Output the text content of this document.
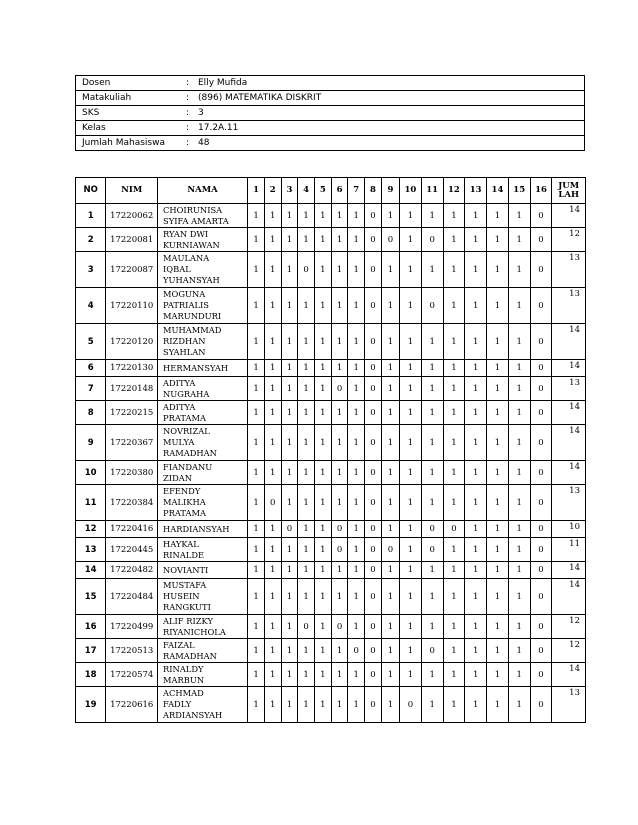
Dosen	: Elly Mufida
Matakuliah	: (896) MATEMATIKA DISKRIT
SKS	: 3
Kelas	: 17.2A.11
Jumlah Mahasiswa	: 48
NO	NIM	NAMA	1	2	3	4	5	6	7	8	9	10	11	12	13	14	15	16	JUM LAH
1	17220062	CHOIRUNISA
SYIFA AMARTA	1	1	1	1	1	1	1	0	1	1	1	1	1	1	1	0	14
2	17220081	RYAN DWI
KURNIAWAN	1	1	1	1	1	1	1	0	0	1	0	1	1	1	1	0	12
3	17220087	MAULANA
IQBAL
YUHANSYAH	1	1	1	0	1	1	1	0	1	1	1	1	1	1	1	0	13
4	17220110	MOGUNA
PATRIALIS
MARUNDURI	1	1	1	1	1	1	1	0	1	1	0	1	1	1	1	0	13
5	17220120	MUHAMMAD
RIZDHAN
SYAHLAN	1	1	1	1	1	1	1	0	1	1	1	1	1	1	1	0	14
6	17220130	HERMANSYAH	1	1	1	1	1	1	1	0	1	1	1	1	1	1	1	0	14
7	17220148	ADITYA
NUGRAHA	1	1	1	1	1	0	1	0	1	1	1	1	1	1	1	0	13
8	17220215	ADITYA
PRATAMA	1	1	1	1	1	1	1	0	1	1	1	1	1	1	1	0	14
9	17220367	NOVRIZAL
MULYA
RAMADHAN	1	1	1	1	1	1	1	0	1	1	1	1	1	1	1	0	14
10	17220380	FIANDANU
ZIDAN	1	1	1	1	1	1	1	0	1	1	1	1	1	1	1	0	14
11	17220384	EFENDY
MALIKHA
PRATAMA	1	0	1	1	1	1	1	0	1	1	1	1	1	1	1	0	13
12	17220416	HARDIANSYAH	1	1	0	1	1	0	1	0	1	1	0	0	1	1	1	0	10
13	17220445	HAYKAL
RINALDE	1	1	1	1	1	0	1	0	0	1	0	1	1	1	1	0	11
14	17220482	NOVIANTI	1	1	1	1	1	1	1	0	1	1	1	1	1	1	1	0	14
15	17220484	MUSTAFA
HUSEIN
RANGKUTI	1	1	1	1	1	1	1	0	1	1	1	1	1	1	1	0	14
16	17220499	ALIF RIZKY
RIYANICHOLA	1	1	1	0	1	0	1	0	1	1	1	1	1	1	1	0	12
17	17220513	FAIZAL
RAMADHAN	1	1	1	1	1	1	0	0	1	1	0	1	1	1	1	0	12
18	17220574	RINALDY
MARBUN	1	1	1	1	1	1	1	0	1	1	1	1	1	1	1	0	14
19	17220616	ACHMAD
FADLY
ARDIANSYAH	1	1	1	1	1	1	1	0	1	0	1	1	1	1	1	0	13
